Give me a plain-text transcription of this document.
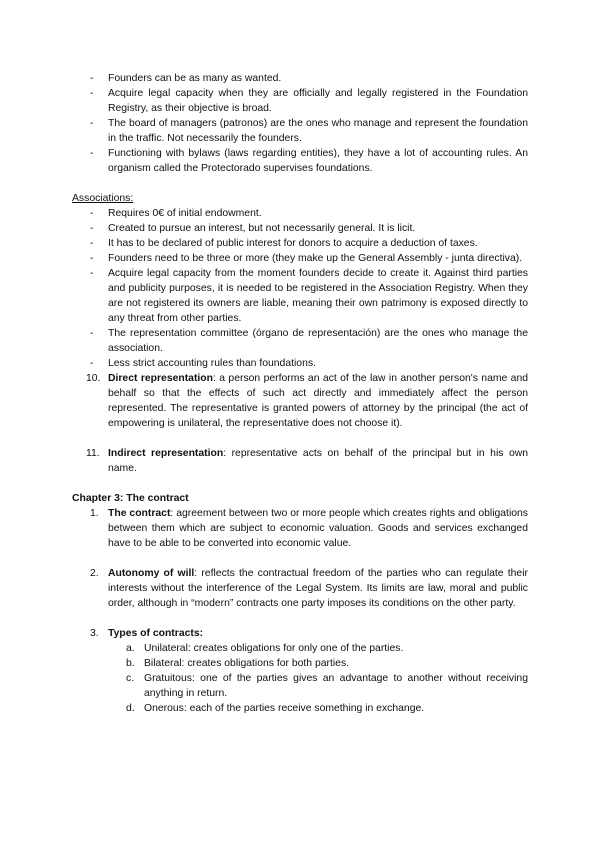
- Founders can be as many as wanted.
- Acquire legal capacity when they are officially and legally registered in the Foundation Registry, as their objective is broad.
- The board of managers (patronos) are the ones who manage and represent the foundation in the traffic. Not necessarily the founders.
- Functioning with bylaws (laws regarding entities), they have a lot of accounting rules. An organism called the Protectorado supervises foundations.
Associations:
- Requires 0€ of initial endowment.
- Created to pursue an interest, but not necessarily general. It is licit.
- It has to be declared of public interest for donors to acquire a deduction of taxes.
- Founders need to be three or more (they make up the General Assembly - junta directiva).
- Acquire legal capacity from the moment founders decide to create it. Against third parties and publicity purposes, it is needed to be registered in the Association Registry. When they are not registered its owners are liable, meaning their own patrimony is exposed directly to any threat from other parties.
- The representation committee (órgano de representación) are the ones who manage the association.
- Less strict accounting rules than foundations.
10. Direct representation: a person performs an act of the law in another person's name and behalf so that the effects of such act directly and immediately affect the person represented. The representative is granted powers of attorney by the principal (the act of empowering is unilateral, the representative does not choose it).
11. Indirect representation: representative acts on behalf of the principal but in his own name.
Chapter 3: The contract
1. The contract: agreement between two or more people which creates rights and obligations between them which are subject to economic valuation. Goods and services exchanged have to be able to be converted into economic value.
2. Autonomy of will: reflects the contractual freedom of the parties who can regulate their interests without the interference of the Legal System. Its limits are law, moral and public order, although in “modern” contracts one party imposes its conditions on the other party.
3. Types of contracts:
a. Unilateral: creates obligations for only one of the parties.
b. Bilateral: creates obligations for both parties.
c. Gratuitous: one of the parties gives an advantage to another without receiving anything in return.
d. Onerous: each of the parties receive something in exchange.
